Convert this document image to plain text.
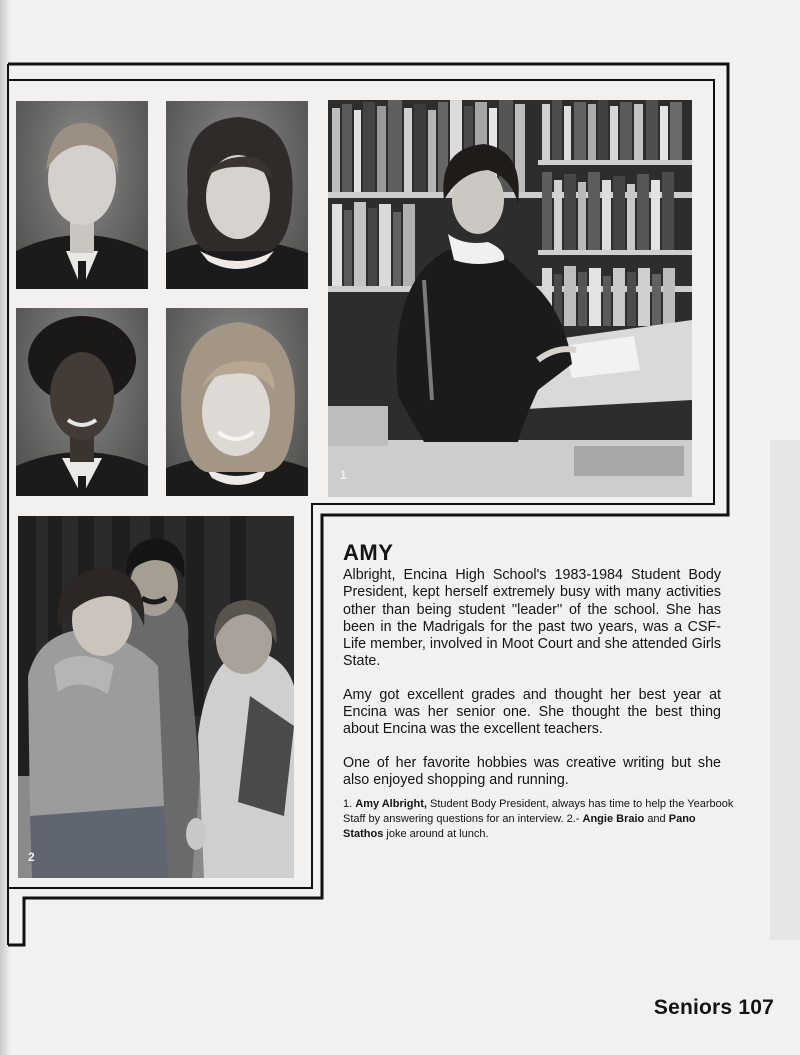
1
2
AMY

Albright, Encina High School's 1983-1984 Student Body President, kept herself extremely busy with many activities other than being student ''leader'' of the school. She has been in the Madrigals for the past two years, was a CSF-Life member, involved in Moot Court and she attended Girls State.

Amy got excellent grades and thought her best year at Encina was her senior one. She thought the best thing about Encina was the excellent teachers.

One of her favorite hobbies was creative writing but she also enjoyed shopping and running.

1. Amy Albright, Student Body President, always has time to help the Yearbook Staff by answering questions for an interview. 2.- Angie Braio and Pano Stathos joke around at lunch.

Seniors 107
